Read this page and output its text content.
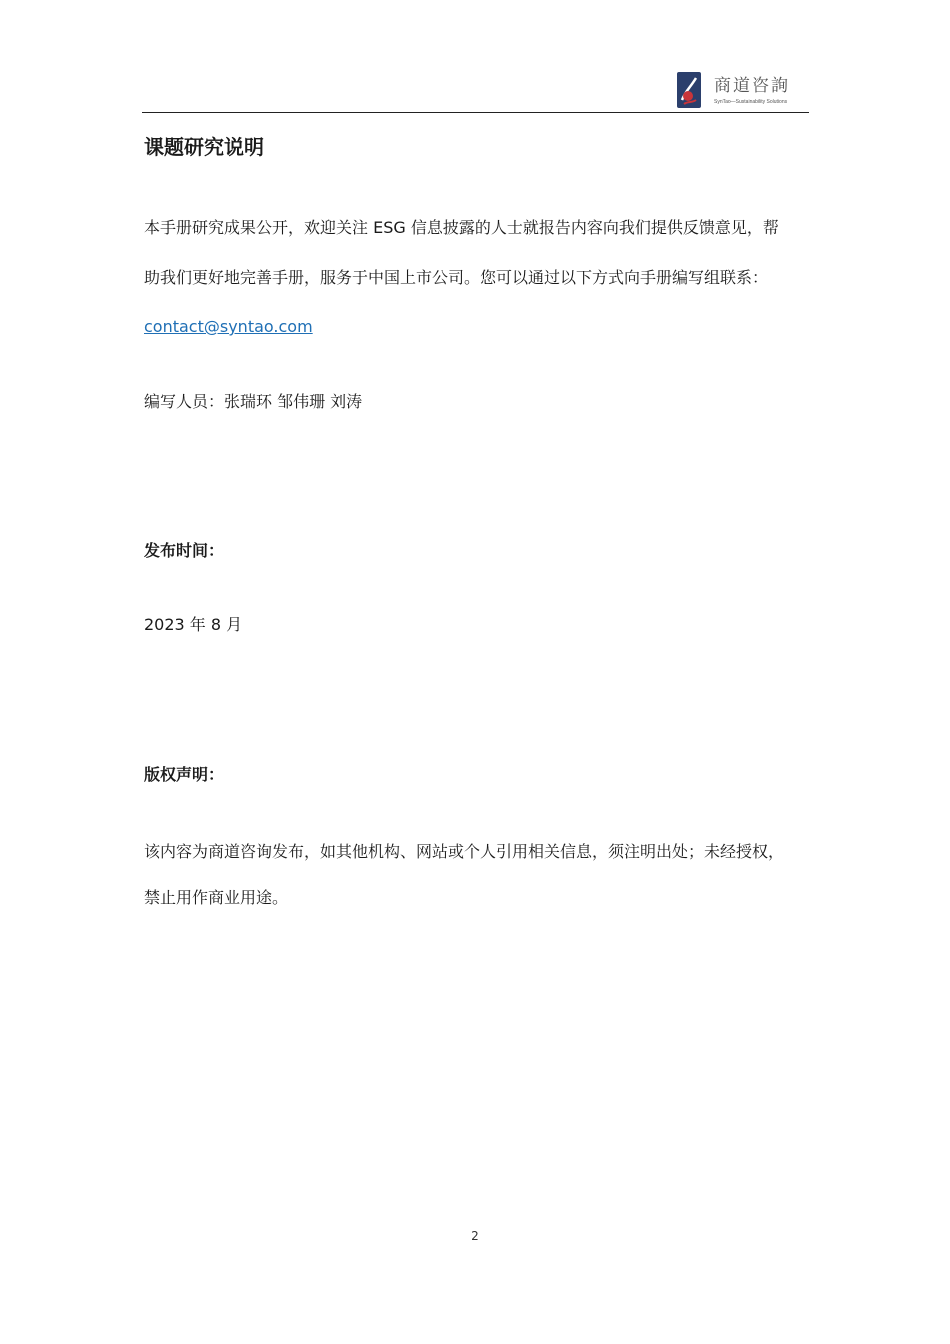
商道咨詢
SynTao—Sustainability Solutions
课题研究说明
本手册研究成果公开，欢迎关注 ESG 信息披露的人士就报告内容向我们提供反馈意见，帮
助我们更好地完善手册，服务于中国上市公司。您可以通过以下方式向手册编写组联系：
contact@syntao.com
编写人员：张瑞环 邹伟珊 刘涛
发布时间：
2023 年 8 月
版权声明：
该内容为商道咨询发布，如其他机构、网站或个人引用相关信息，须注明出处；未经授权，
禁止用作商业用途。
2
